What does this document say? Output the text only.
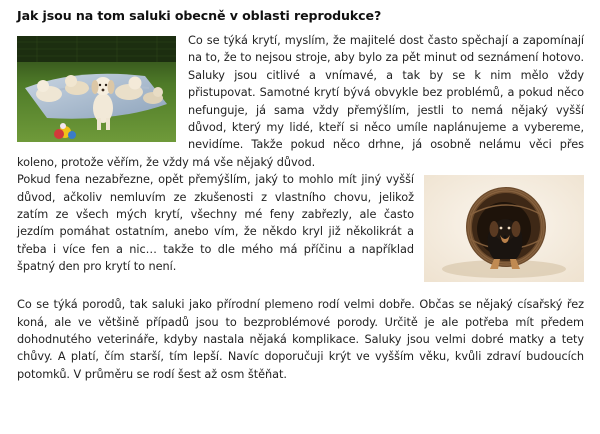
Jak jsou na tom saluki obecně v oblasti reprodukce?

Co se týká krytí, myslím, že majitelé dost často spěchají a zapomínají na to, že to nejsou stroje, aby bylo za pět minut od seznámení hotovo. Saluky jsou citlivé a vnímavé, a tak by se k nim mělo vždy přistupovat. Samotné krytí bývá obvykle bez problémů, a pokud něco nefunguje, já sama vždy přemýšlím, jestli to nemá nějaký vyšší důvod, který my lidé, kteří si něco umíle naplánujeme a vybereme, nevidíme. Takže pokud něco drhne, já osobně nelámu věci přes koleno, protože věřím, že vždy má vše nějaký důvod.

Pokud fena nezabřezne, opět přemýšlím, jaký to mohlo mít jiný vyšší důvod, ačkoliv nemluvím ze zkušenosti z vlastního chovu, jelikož zatím ze všech mých krytí, všechny mé feny zabřezly, ale často jezdím pomáhat ostatním, anebo vím, že někdo kryl již několikrát a třeba i více fen a nic… takže to dle mého má příčinu a například špatný den pro krytí to není.

Co se týká porodů, tak saluki jako přírodní plemeno rodí velmi dobře. Občas se nějaký císařský řez koná, ale ve většině případů jsou to bezproblémové porody. Určitě je ale potřeba mít předem dohodnutého veterináře, kdyby nastala nějaká komplikace. Saluky jsou velmi dobré matky a tety chůvy. A platí, čím starší, tím lepší. Navíc doporučuji krýt ve vyšším věku, kvůli zdraví budoucích potomků. V průměru se rodí šest až osm štěňat.
